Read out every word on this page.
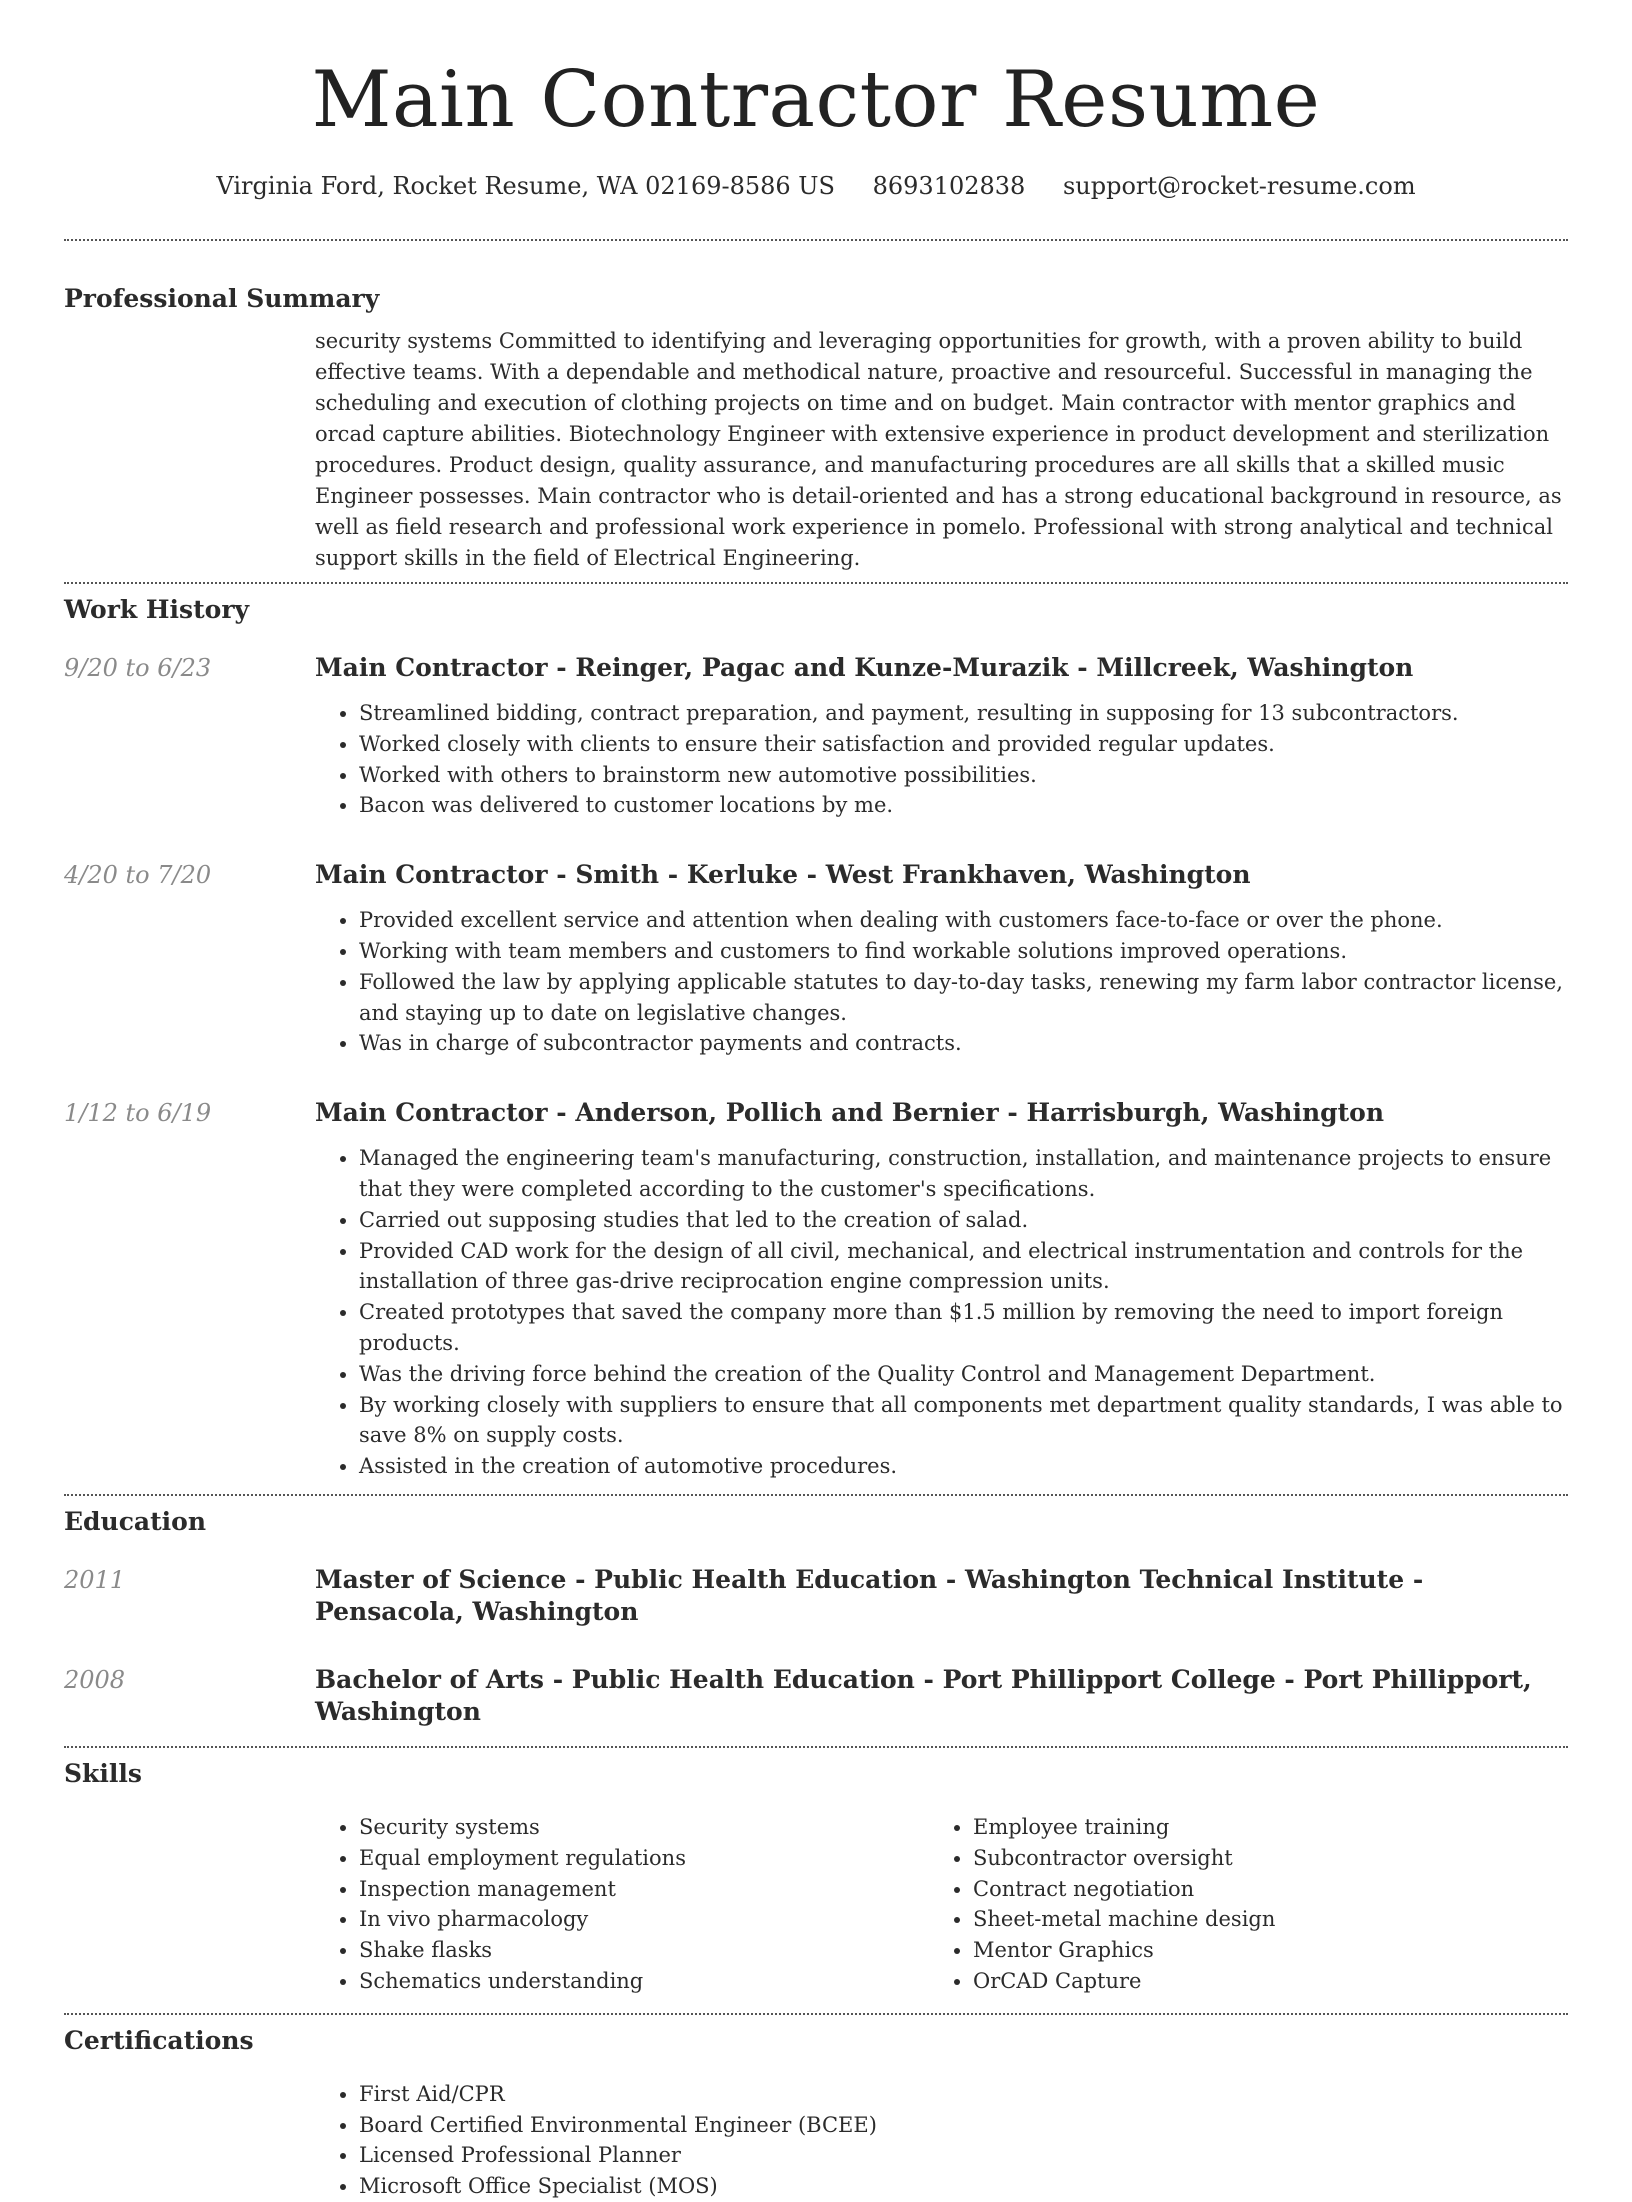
Main Contractor Resume
Virginia Ford, Rocket Resume, WA 02169-8586 US 8693102838 support@rocket-resume.com
Professional Summary

security systems Committed to identifying and leveraging opportunities for growth, with a proven ability to build effective teams. With a dependable and methodical nature, proactive and resourceful. Successful in managing the scheduling and execution of clothing projects on time and on budget. Main contractor with mentor graphics and orcad capture abilities. Biotechnology Engineer with extensive experience in product development and sterilization procedures. Product design, quality assurance, and manufacturing procedures are all skills that a skilled music Engineer possesses. Main contractor who is detail-oriented and has a strong educational background in resource, as well as field research and professional work experience in pomelo. Professional with strong analytical and technical support skills in the field of Electrical Engineering.

Work History
9/20 to 6/23	Main Contractor - Reinger, Pagac and Kunze-Murazik - Millcreek, Washington
• Streamlined bidding, contract preparation, and payment, resulting in supposing for 13 subcontractors.
• Worked closely with clients to ensure their satisfaction and provided regular updates.
• Worked with others to brainstorm new automotive possibilities.
• Bacon was delivered to customer locations by me.
4/20 to 7/20	Main Contractor - Smith - Kerluke - West Frankhaven, Washington
• Provided excellent service and attention when dealing with customers face-to-face or over the phone.
• Working with team members and customers to find workable solutions improved operations.
• Followed the law by applying applicable statutes to day-to-day tasks, renewing my farm labor contractor license, and staying up to date on legislative changes.
• Was in charge of subcontractor payments and contracts.
1/12 to 6/19	Main Contractor - Anderson, Pollich and Bernier - Harrisburgh, Washington
• Managed the engineering team's manufacturing, construction, installation, and maintenance projects to ensure that they were completed according to the customer's specifications.
• Carried out supposing studies that led to the creation of salad.
• Provided CAD work for the design of all civil, mechanical, and electrical instrumentation and controls for the installation of three gas-drive reciprocation engine compression units.
• Created prototypes that saved the company more than $1.5 million by removing the need to import foreign products.
• Was the driving force behind the creation of the Quality Control and Management Department.
• By working closely with suppliers to ensure that all components met department quality standards, I was able to save 8% on supply costs.
• Assisted in the creation of automotive procedures.
Education
2011	Master of Science - Public Health Education - Washington Technical Institute - Pensacola, Washington
2008	Bachelor of Arts - Public Health Education - Port Phillipport College - Port Phillipport, Washington
Skills
• Security systems
• Equal employment regulations
• Inspection management
• In vivo pharmacology
• Shake flasks
• Schematics understanding
• Employee training
• Subcontractor oversight
• Contract negotiation
• Sheet-metal machine design
• Mentor Graphics
• OrCAD Capture
Certifications
• First Aid/CPR
• Board Certified Environmental Engineer (BCEE)
• Licensed Professional Planner
• Microsoft Office Specialist (MOS)
